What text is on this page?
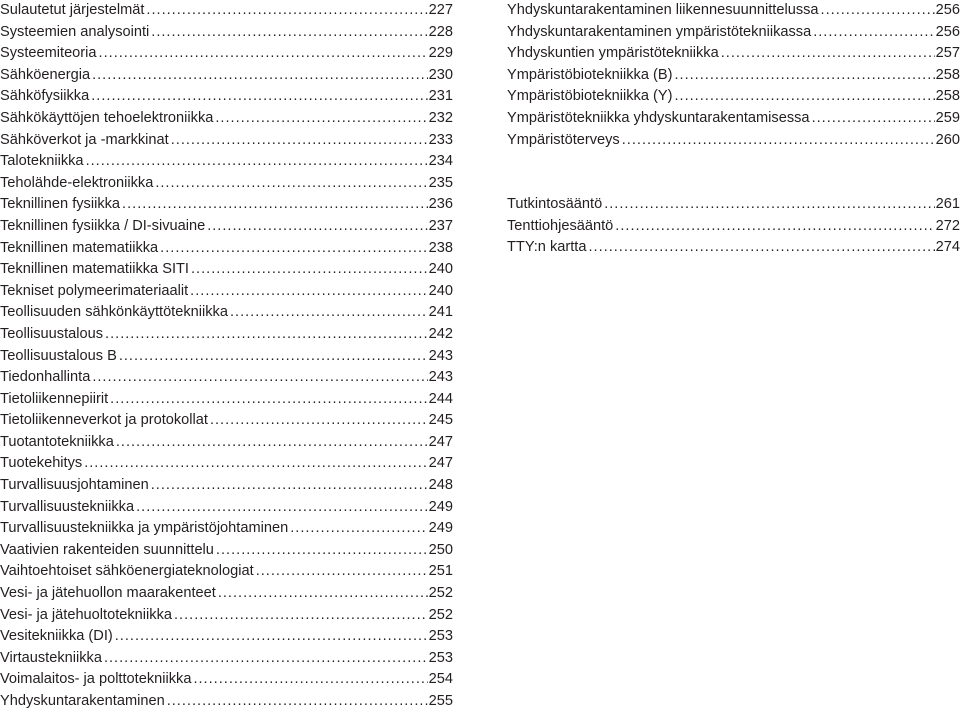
Sulautetut järjestelmät .....	227
Systeemien analysointi .....	228
Systeemiteoria .....	229
Sähköenergia .....	230
Sähköfysiikka .....	231
Sähkökäyttöjen tehoelektroniikka .....	232
Sähköverkot ja -markkinat .....	233
Talotekniikka .....	234
Teholähde-elektroniikka .....	235
Teknillinen fysiikka .....	236
Teknillinen fysiikka / DI-sivuaine .....	237
Teknillinen matematiikka .....	238
Teknillinen matematiikka SITI .....	240
Tekniset polymeerimateriaalit .....	240
Teollisuuden sähkönkäyttötekniikka .....	241
Teollisuustalous .....	242
Teollisuustalous B .....	243
Tiedonhallinta .....	243
Tietoliikennepiirit .....	244
Tietoliikenneverkot ja protokollat .....	245
Tuotantotekniikka .....	247
Tuotekehitys .....	247
Turvallisuusjohtaminen .....	248
Turvallisuustekniikka .....	249
Turvallisuustekniikka ja ympäristöjohtaminen .....	249
Vaativien rakenteiden suunnittelu .....	250
Vaihtoehtoiset sähköenergiateknologiat .....	251
Vesi- ja jätehuollon maarakenteet .....	252
Vesi- ja jätehuoltotekniikka .....	252
Vesitekniikka (DI) .....	253
Virtaustekniikka .....	253
Voimalaitos- ja polttotekniikka .....	254
Yhdyskuntarakentaminen .....	255
Yhdyskuntarakentaminen liikennesuunnittelussa .....	256
Yhdyskuntarakentaminen ympäristötekniikassa .....	256
Yhdyskuntien ympäristötekniikka .....	257
Ympäristöbiotekniikka (B) .....	258
Ympäristöbiotekniikka (Y) .....	258
Ympäristötekniikka yhdyskuntarakentamisessa .....	259
Ympäristöterveys .....	260
Tutkintosääntö .....	261
Tenttiohjesääntö .....	272
TTY:n kartta .....	274
